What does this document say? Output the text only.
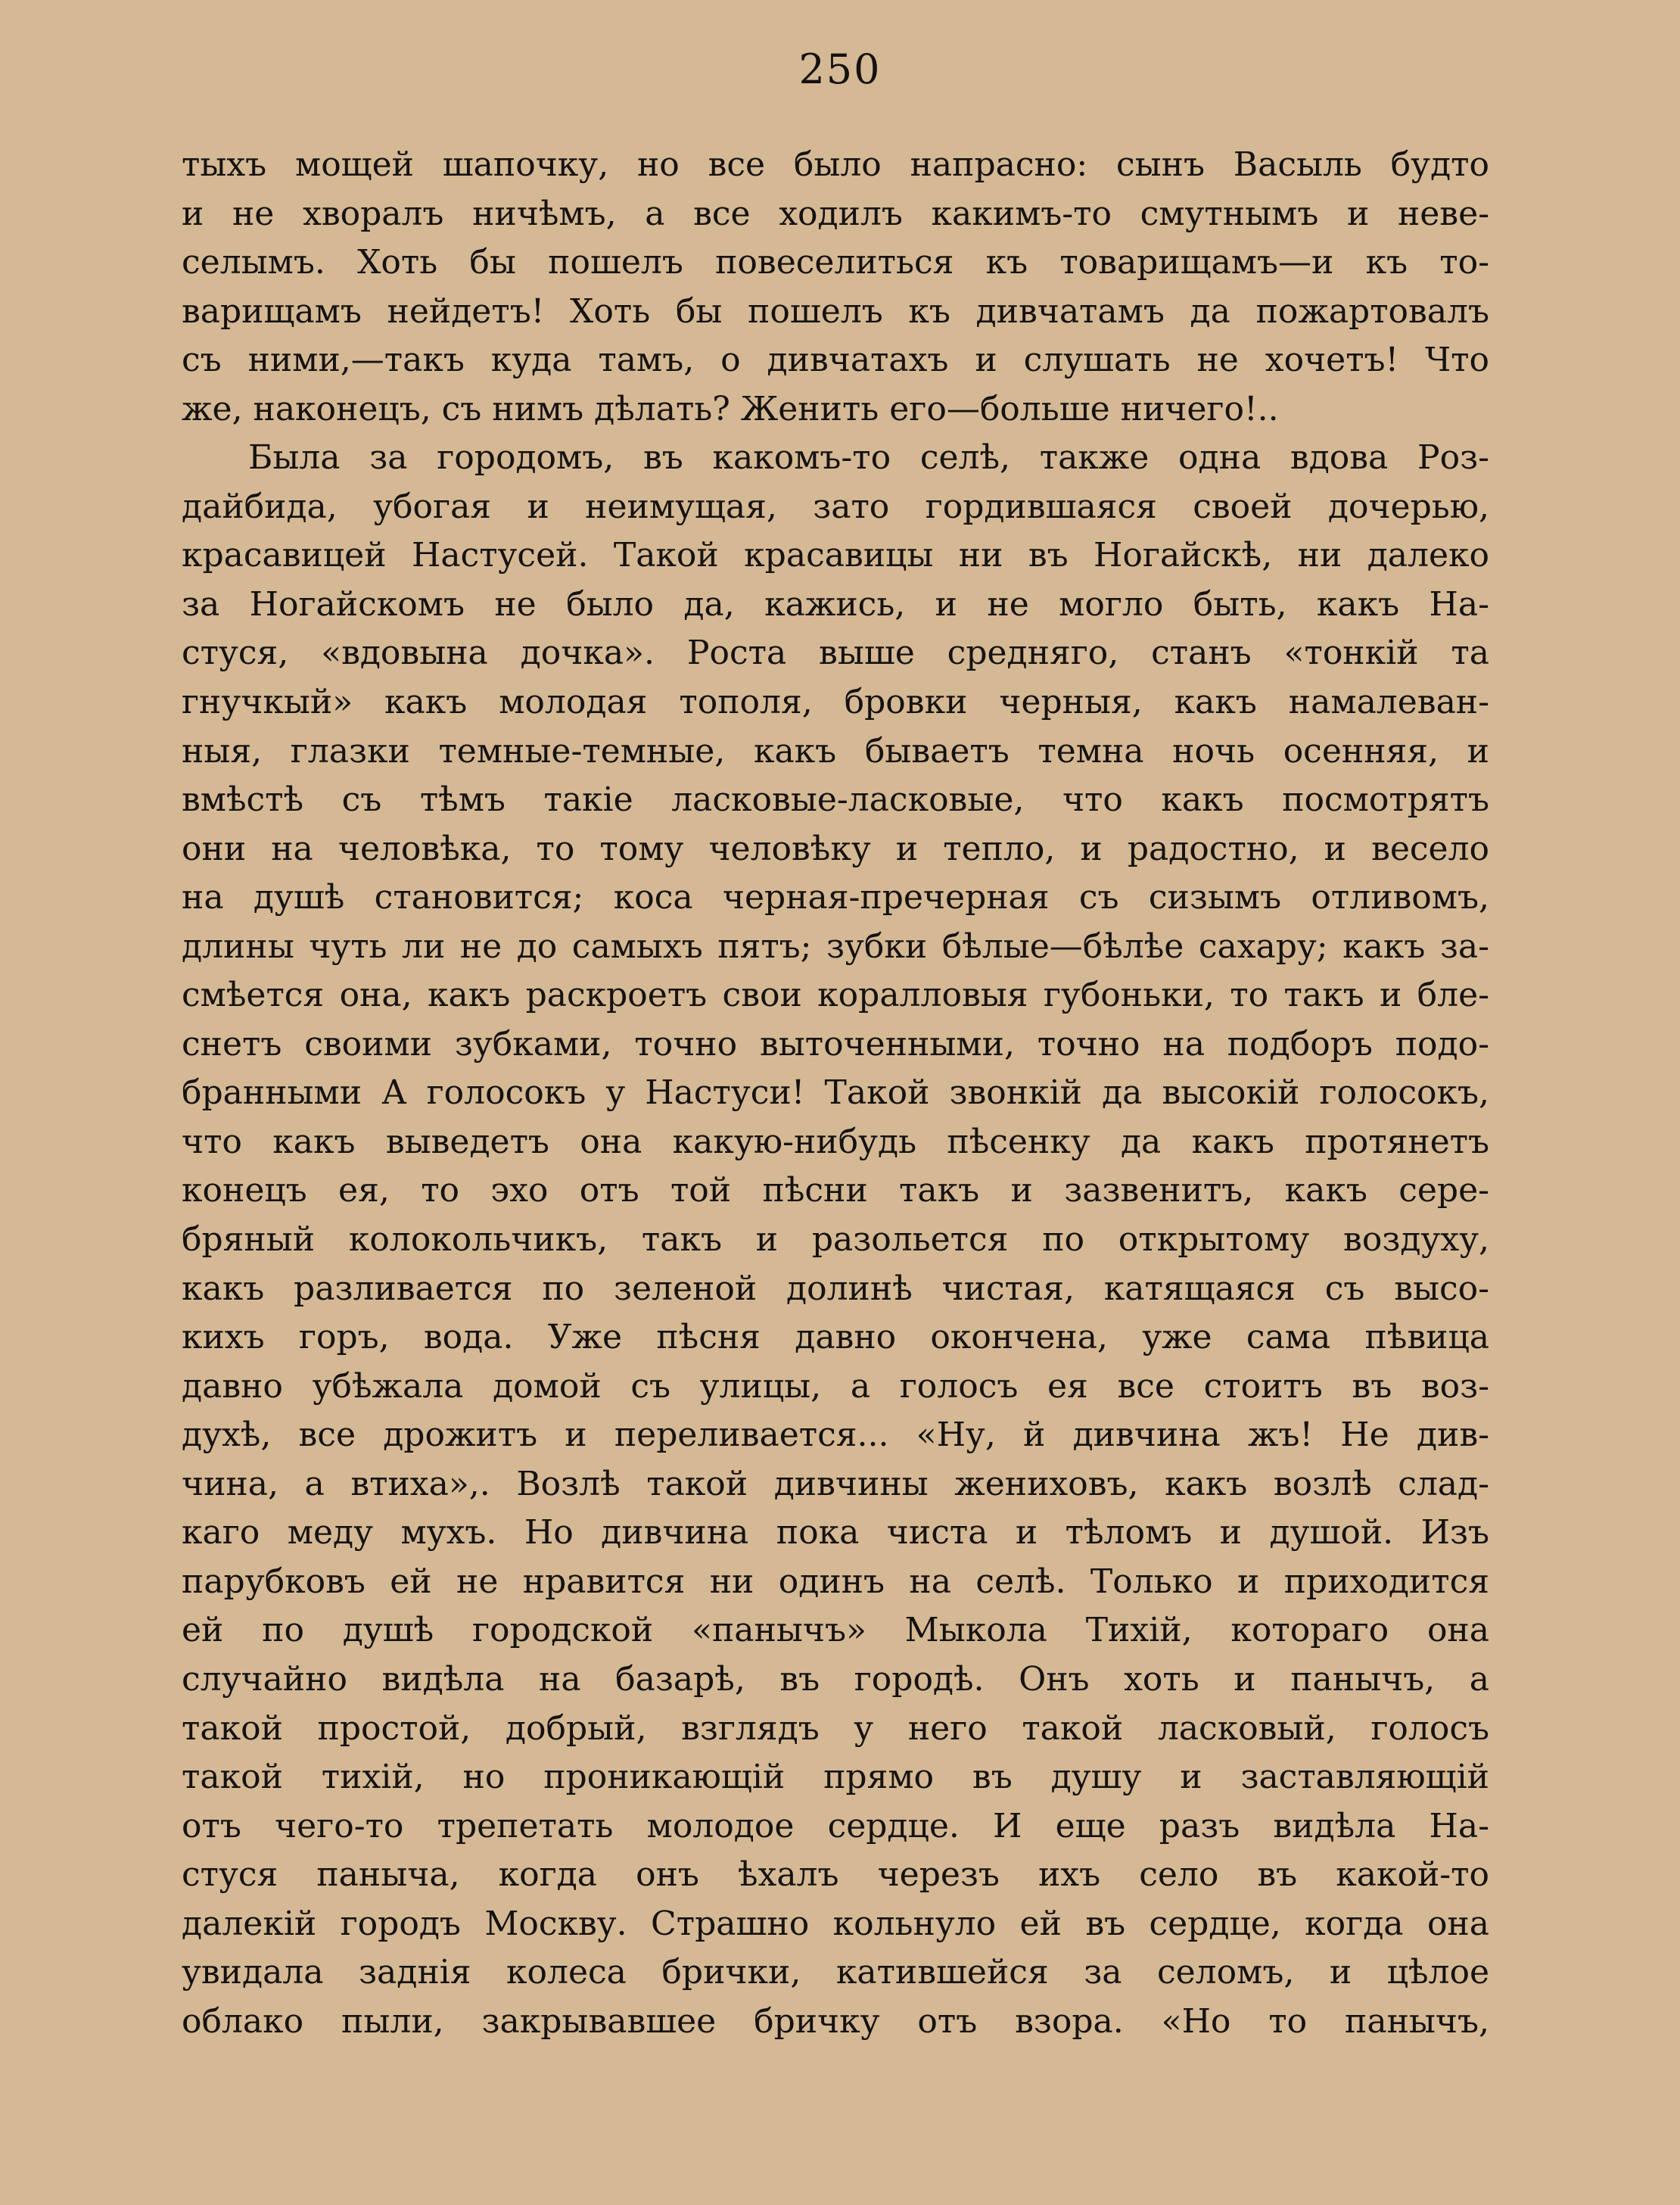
250
тыхъ мощей шапочку, но все было напрасно: сынъ Васыль будто
и не хворалъ ничѣмъ, а все ходилъ какимъ-то смутнымъ и неве-
селымъ. Хоть бы пошелъ повеселиться къ товарищамъ—и къ то-
варищамъ нейдетъ! Хоть бы пошелъ къ дивчатамъ да пожартовалъ
съ ними,—такъ куда тамъ, о дивчатахъ и слушать не хочетъ! Что
же, наконецъ, съ нимъ дѣлать? Женить его—больше ничего!..
Была за городомъ, въ какомъ-то селѣ, также одна вдова Роз-
дайбида, убогая и неимущая, зато гордившаяся своей дочерью,
красавицей Настусей. Такой красавицы ни въ Ногайскѣ, ни далеко
за Ногайскомъ не было да, кажись, и не могло быть, какъ На-
стуся, «вдовына дочка». Роста выше средняго, станъ «тонкій та
гнучкый» какъ молодая тополя, бровки черныя, какъ намалеван-
ныя, глазки темные-темные, какъ бываетъ темна ночь осенняя, и
вмѣстѣ съ тѣмъ такіе ласковые-ласковые, что какъ посмотрятъ
они на человѣка, то тому человѣку и тепло, и радостно, и весело
на душѣ становится; коса черная-пречерная съ сизымъ отливомъ,
длины чуть ли не до самыхъ пятъ; зубки бѣлые—бѣлѣе сахару; какъ за-
смѣется она, какъ раскроетъ свои коралловыя губоньки, то такъ и бле-
снетъ своими зубками, точно выточенными, точно на подборъ подо-
бранными А голосокъ у Настуси! Такой звонкій да высокій голосокъ,
что какъ выведетъ она какую-нибудь пѣсенку да какъ протянетъ
конецъ ея, то эхо отъ той пѣсни такъ и зазвенитъ, какъ сере-
бряный колокольчикъ, такъ и разольется по открытому воздуху,
какъ разливается по зеленой долинѣ чистая, катящаяся съ высо-
кихъ горъ, вода. Уже пѣсня давно окончена, уже сама пѣвица
давно убѣжала домой съ улицы, а голосъ ея все стоитъ въ воз-
духѣ, все дрожитъ и переливается... «Ну, й дивчина жъ! Не див-
чина, а втиха»,. Возлѣ такой дивчины жениховъ, какъ возлѣ слад-
каго меду мухъ. Но дивчина пока чиста и тѣломъ и душой. Изъ
парубковъ ей не нравится ни одинъ на селѣ. Только и приходится
ей по душѣ городской «панычъ» Мыкола Тихій, котораго она
случайно видѣла на базарѣ, въ городѣ. Онъ хоть и панычъ, а
такой простой, добрый, взглядъ у него такой ласковый, голосъ
такой тихій, но проникающій прямо въ душу и заставляющій
отъ чего-то трепетать молодое сердце. И еще разъ видѣла На-
стуся паныча, когда онъ ѣхалъ черезъ ихъ село въ какой-то
далекій городъ Москву. Страшно кольнуло ей въ сердце, когда она
увидала заднія колеса брички, катившейся за селомъ, и цѣлое
облако пыли, закрывавшее бричку отъ взора. «Но то панычъ,
